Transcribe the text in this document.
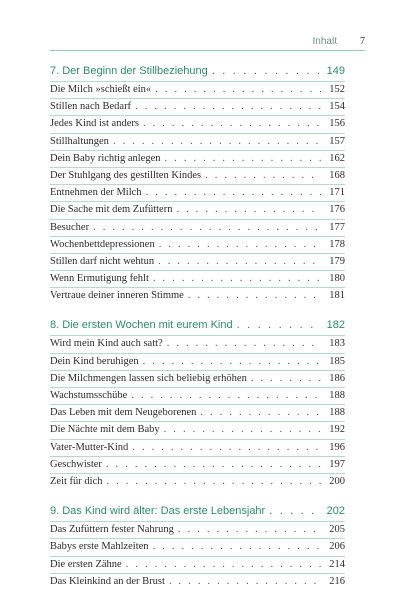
Inhalt 7
7. Der Beginn der Stillbeziehung . . .	149
Die Milch »schießt ein« . . .	152
Stillen nach Bedarf . . .	154
Jedes Kind ist anders . . .	156
Stillhaltungen . . .	157
Dein Baby richtig anlegen . . .	162
Der Stuhlgang des gestillten Kindes . . .	168
Entnehmen der Milch . . .	171
Die Sache mit dem Zufüttern . . .	176
Besucher . . .	177
Wochenbettdepressionen . . .	178
Stillen darf nicht wehtun . . .	179
Wenn Ermutigung fehlt . . .	180
Vertraue deiner inneren Stimme . . .	181
8. Die ersten Wochen mit eurem Kind . . .	182
Wird mein Kind auch satt? . . .	183
Dein Kind beruhigen . . .	185
Die Milchmengen lassen sich beliebig erhöhen . . .	186
Wachstumsschübe . . .	188
Das Leben mit dem Neugeborenen . . .	188
Die Nächte mit dem Baby . . .	192
Vater-Mutter-Kind . . .	196
Geschwister . . .	197
Zeit für dich . . .	200
9. Das Kind wird älter: Das erste Lebensjahr . . .	202
Das Zufüttern fester Nahrung . . .	205
Babys erste Mahlzeiten . . .	206
Die ersten Zähne . . .	214
Das Kleinkind an der Brust . . .	216
